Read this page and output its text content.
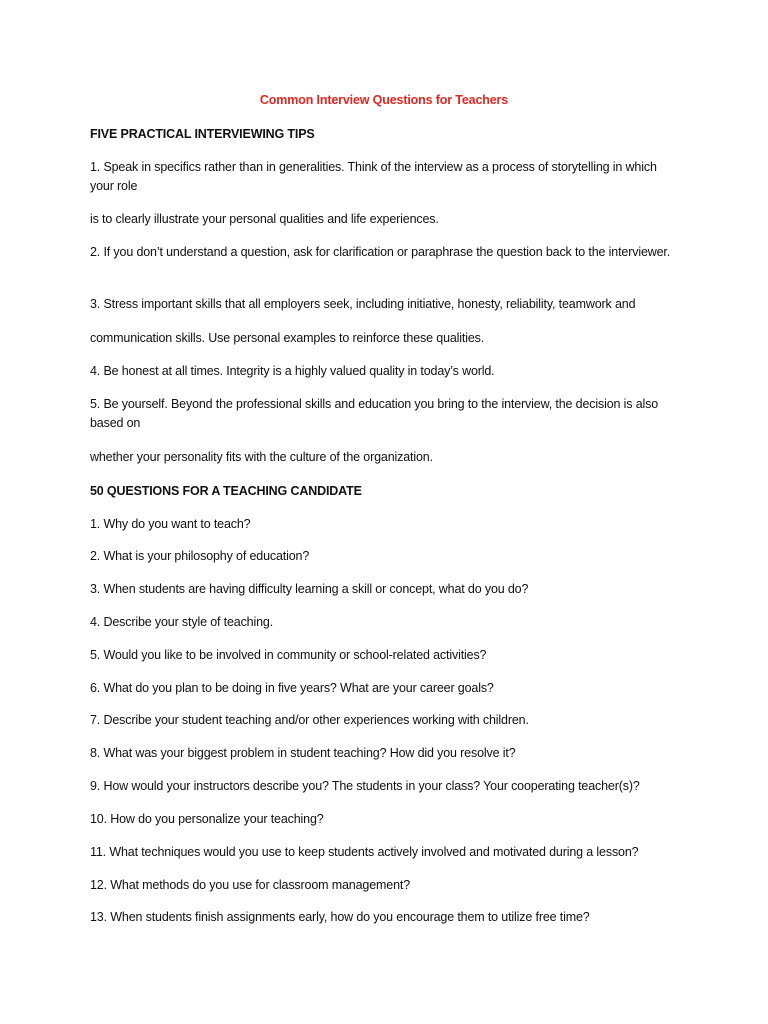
Common Interview Questions for Teachers
FIVE PRACTICAL INTERVIEWING TIPS
1. Speak in specifics rather than in generalities. Think of the interview as a process of storytelling in which your role
is to clearly illustrate your personal qualities and life experiences.
2. If you don’t understand a question, ask for clarification or paraphrase the question back to the interviewer.
3. Stress important skills that all employers seek, including initiative, honesty, reliability, teamwork and
communication skills. Use personal examples to reinforce these qualities.
4. Be honest at all times. Integrity is a highly valued quality in today’s world.
5. Be yourself. Beyond the professional skills and education you bring to the interview, the decision is also based on
whether your personality fits with the culture of the organization.
50 QUESTIONS FOR A TEACHING CANDIDATE
1. Why do you want to teach?
2. What is your philosophy of education?
3. When students are having difficulty learning a skill or concept, what do you do?
4. Describe your style of teaching.
5. Would you like to be involved in community or school-related activities?
6. What do you plan to be doing in five years? What are your career goals?
7. Describe your student teaching and/or other experiences working with children.
8. What was your biggest problem in student teaching? How did you resolve it?
9. How would your instructors describe you? The students in your class? Your cooperating teacher(s)?
10. How do you personalize your teaching?
11. What techniques would you use to keep students actively involved and motivated during a lesson?
12. What methods do you use for classroom management?
13. When students finish assignments early, how do you encourage them to utilize free time?
